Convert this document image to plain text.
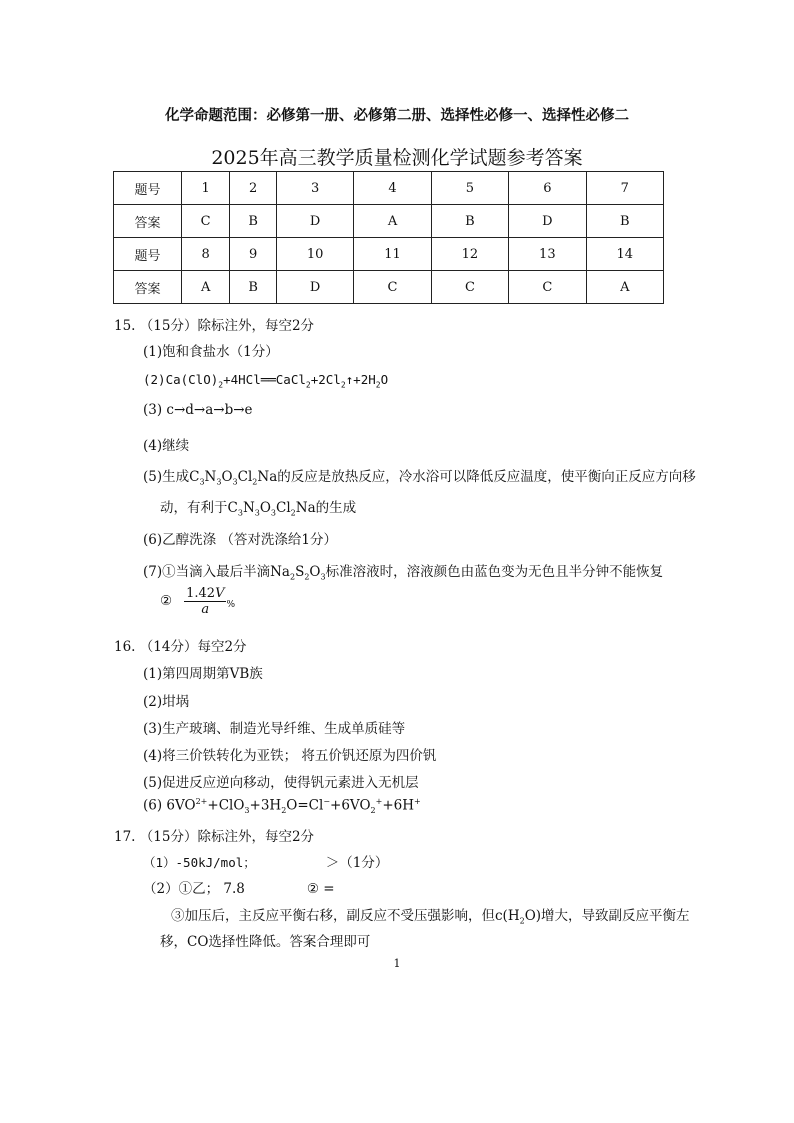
化学命题范围：必修第一册、必修第二册、选择性必修一、选择性必修二
2025年高三教学质量检测化学试题参考答案
题号	1	2	3	4	5	6	7
答案	C	B	D	A	B	D	B
题号	8	9	10	11	12	13	14
答案	A	B	D	C	C	C	A
15. （15分）除标注外，每空2分
(1)饱和食盐水（1分）
$(2)Ca(ClO)_2+4HCl══CaCl_2+2Cl_2↑+2H_2O$
(3) c→d→a→b→e
(4)继续
(5)生成$C_3N_3O_3Cl_2Na$的反应是放热反应，冷水浴可以降低反应温度，使平衡向正反应方向移
动，有利于$C_3N_3O_3Cl_2Na$的生成
(6)乙醇洗涤 （答对洗涤给1分）
(7)①当滴入最后半滴$Na_2S_2O_3$标准溶液时，溶液颜色由蓝色变为无色且半分钟不能恢复
② $\frac{1.42V}{a}$ %
16. （14分）每空2分
(1)第四周期第ⅤB族
(2)坩埚
(3)生产玻璃、制造光导纤维、生成单质硅等
(4)将三价铁转化为亚铁； 将五价钒还原为四价钒
(5)促进反应逆向移动，使得钒元素进入无机层
(6) $6VO^{2+}+ClO_3+3H_2O=Cl^-+6VO_2^++6H^+$
17. （15分）除标注外，每空2分
（1）-50kJ/mol；	＞（1分）
（2）①乙； 7.8	② =
③加压后，主反应平衡右移，副反应不受压强影响，但$c(H_2O)$增大，导致副反应平衡左
移，CO选择性降低。答案合理即可
1
